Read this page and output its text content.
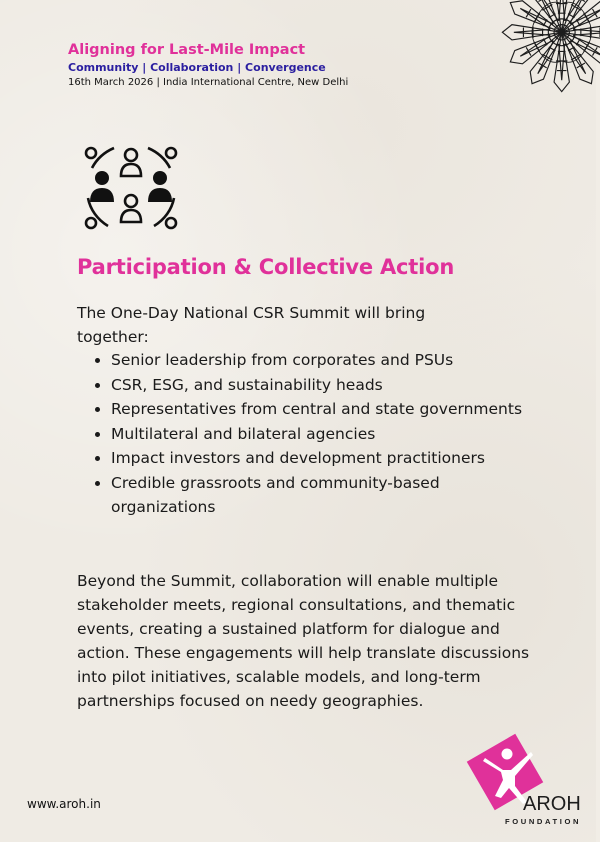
Aligning for Last-Mile Impact

Community | Collaboration | Convergence

16th March 2026 | India International Centre, New Delhi

Participation & Collective Action

The One-Day National CSR Summit will bring together:

Senior leadership from corporates and PSUs
CSR, ESG, and sustainability heads
Representatives from central and state governments
Multilateral and bilateral agencies
Impact investors and development practitioners
Credible grassroots and community-based organizations

Beyond the Summit, collaboration will enable multiple stakeholder meets, regional consultations, and thematic events, creating a sustained platform for dialogue and action. These engagements will help translate discussions into pilot initiatives, scalable models, and long-term partnerships focused on needy geographies.

www.aroh.in	AROH
FOUNDATION
